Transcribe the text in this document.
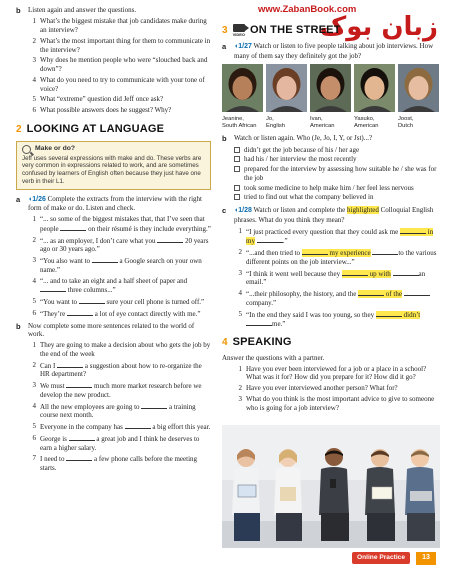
b	Listen again and answer the questions.
1 What’s the biggest mistake that job candidates make during an interview?
2 What’s the most important thing for them to communicate in the interview?
3 Why does he mention people who were “slouched back and down”?
4 What do you need to try to communicate with your tone of voice?
5 What “extreme” question did Jeff once ask?
6 What possible answers does he suggest? Why?
2 LOOKING AT LANGUAGE
Make or do?
Jeff uses several expressions with make and do. These verbs are very common in expressions related to work, and are sometimes confused by learners of English often because they just have one verb in their L1.
a	◖1/26 Complete the extracts from the interview with the right form of make or do. Listen and check.
1 “... so some of the biggest mistakes that, that I’ve seen that people	on their résumé is they include everything.”
2 “... as an employer, I don’t care what you	20 years ago or 30 years ago.”
3 “You also want to	a Google search on your own name.”
4 “... and to take an eight and a half sheet of paper and  three columns...”
5 “You want to	sure your cell phone is turned off.”
6 “They’re	a lot of eye contact directly with me.”
b	Now complete some more sentences related to the world of work.
1 They are going to make a decision about who gets the job by the end of the week
2 Can I	a suggestion about how to re-organize the HR department?
3 We must	much more market research before we develop the new product.
4 All the new employees are going to	a training course next month.
5 Everyone in the company has	a big effort this year.
6 George is	a great job and I think he deserves to earn a higher salary.
7 I need to	a few phone calls before the meeting starts.
www.ZabanBook.com
زبان بوک
3 VIDEO ON THE STREET
a	◖1/27 Watch or listen to five people talking about job interviews. How many of them say they definitely got the job?
Jeanine,
South African
Jo,
English
Ivan,
American
Yasuko,
American
Joost,
Dutch
b	Watch or listen again. Who (Je, Jo, I, Y, or Jst)...?
didn’t get the job because of his / her age
had his / her interview the most recently
prepared for the interview by assessing how suitable he / she was for the job
took some medicine to help make him / her feel less nervous
tried to find out what the company believed in
c	◖1/28 Watch or listen and complete the highlighted Colloquial English phrases. What do you think they mean?
1 “I just practiced every question that they could ask me	in my	.”
2 “...and then tried to	my experience	to the various different points on the job interview...”
3 “I think it went well because they	up with	an email.”
4 “...their philosophy, the history, and the	of the company.”
5 “In the end they said I was too young, so they	didn’t me.”
4 SPEAKING
Answer the questions with a partner.
1 Have you ever been interviewed for a job or a place in a school? What was it for? How did you prepare for it? How did it go?
2 Have you ever interviewed another person? What for?
3 What do you think is the most important advice to give to someone who is going for a job interview?
Online Practice	13
